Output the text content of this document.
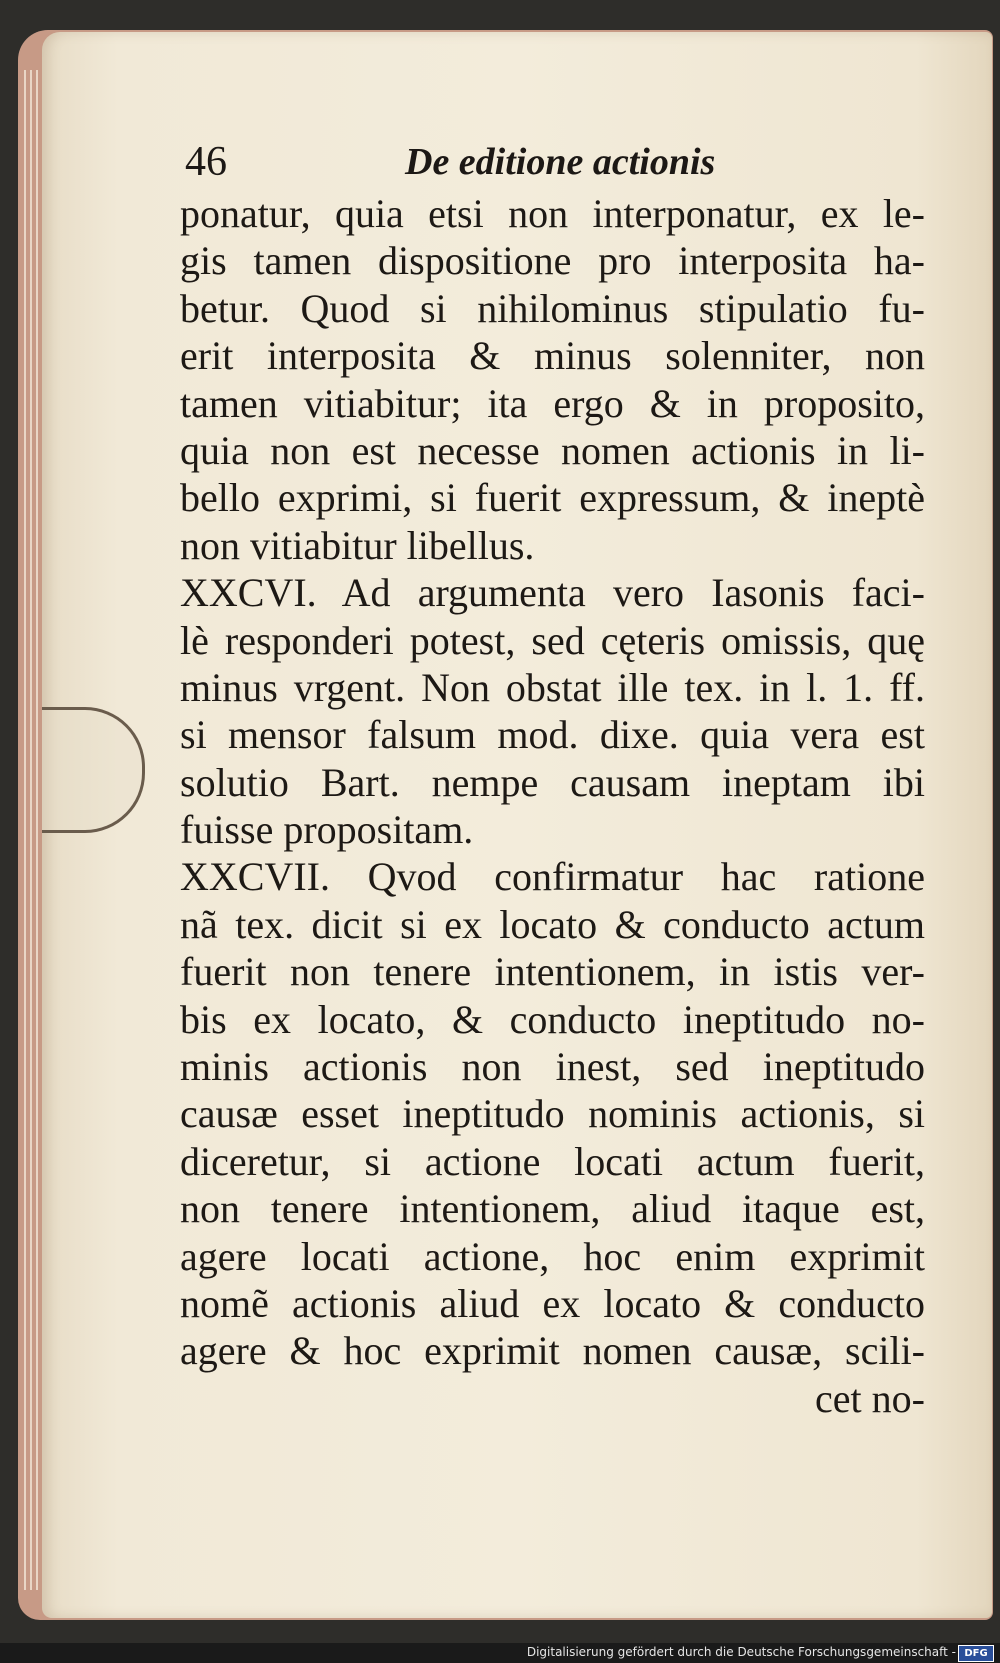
46	De editione actionis
ponatur, quia etsi non interponatur, ex le-
gis tamen dispositione pro interposita ha-
betur. Quod si nihilominus stipulatio fu-
erit interposita & minus solenniter, non
tamen vitiabitur; ita ergo & in proposito,
quia non est necesse nomen actionis in li-
bello exprimi, si fuerit expressum, & ineptè
non vitiabitur libellus.
XXCVI. Ad argumenta vero Iasonis faci-
lè responderi potest, sed cęteris omissis, quę
minus vrgent. Non obstat ille tex. in l. 1. ff.
si mensor falsum mod. dixe. quia vera est
solutio Bart. nempe causam ineptam ibi
fuisse propositam.
XXCVII. Qvod confirmatur hac ratione
nã tex. dicit si ex locato & conducto actum
fuerit non tenere intentionem, in istis ver-
bis ex locato, & conducto ineptitudo no-
minis actionis non inest, sed ineptitudo
causæ esset ineptitudo nominis actionis, si
diceretur, si actione locati actum fuerit,
non tenere intentionem, aliud itaque est,
agere locati actione, hoc enim exprimit
nomẽ actionis aliud ex locato & conducto
agere & hoc exprimit nomen causæ, scili-
cet no-
Digitalisierung gefördert durch die Deutsche Forschungsgemeinschaft - DFG
